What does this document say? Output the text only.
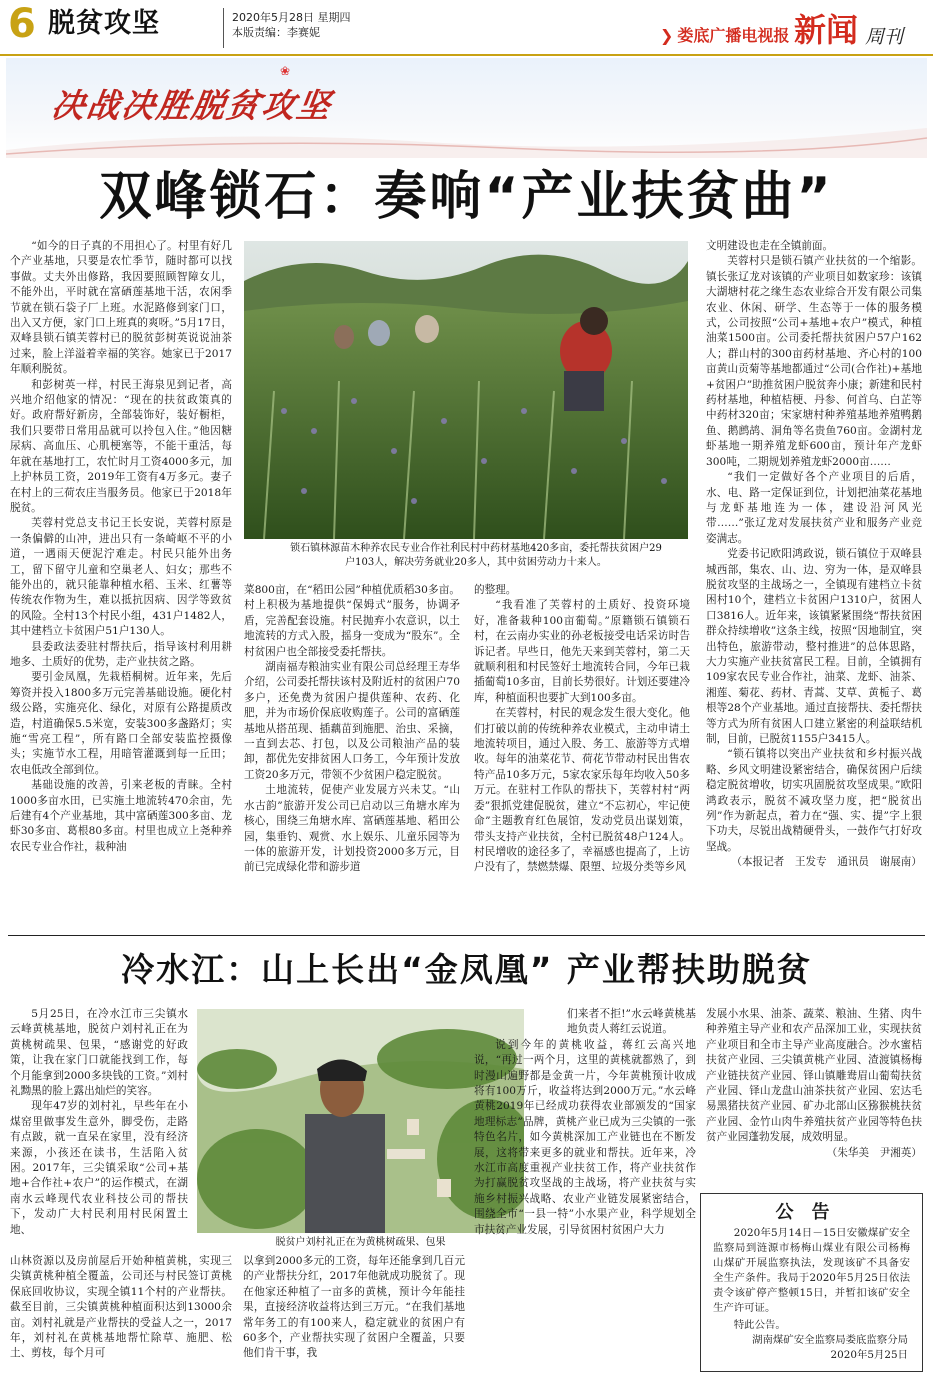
6 脱贫攻坚	2020年5月28日 星期四
本版责编：李赛妮	❯ 娄底广播电视报 新闻 周刊
❀
决战决胜脱贫攻坚
双峰锁石：奏响“产业扶贫曲”

“如今的日子真的不用担心了。村里有好几个产业基地，只要是农忙季节，随时都可以找事做。丈夫外出修路，我因要照顾智障女儿，不能外出，平时就在富硒莲基地干活，农闲季节就在锁石袋子厂上班。水泥路修到家门口，出入又方便，家门口上班真的爽呀。”5月17日，双峰县锁石镇芙蓉村已的脱贫彭树英说说油茶过来，脸上洋溢着幸福的笑容。她家已于2017年顺利脱贫。

和彭树英一样，村民王海泉见到记者，高兴地介绍他家的情况：“现在的扶贫政策真的好。政府帮好新房，全部装饰好，装好橱柜，我们只要带日常用品就可以拎包入住。”他因糖尿病、高血压、心肌梗塞等，不能干重活，每年就在基地打工，农忙时月工资4000多元，加上护林员工资，2019年工资有4万多元。妻子在村上的三荷农庄当服务员。他家已于2018年脱贫。

芙蓉村党总支书记王长安说，芙蓉村原是一条偏僻的山冲，进出只有一条崎岖不平的小道，一遇雨天便泥泞难走。村民只能外出务工，留下留守儿童和空巢老人、妇女；那些不能外出的，就只能靠种植水稻、玉米、红薯等传统农作物为生，难以抵抗因病、因学等致贫的风险。全村13个村民小组，431户1482人，其中建档立卡贫困户51户130人。

县委政法委驻村帮扶后，指导该村利用耕地多、土质好的优势，走产业扶贫之路。

要引金凤凰，先栽梧桐树。近年来，先后筹资并投入1800多万元完善基础设施。硬化村级公路，实施亮化、绿化，对原有公路提质改造，村道确保5.5米宽，安装300多盏路灯；实施“雪亮工程”，所有路口全部安装监控摄像头；实施节水工程，用暗管灌溉到每一丘田；农电低改全部到位。

基础设施的改善，引来老板的青睐。全村1000多亩水田，已实施土地流转470余亩，先后建有4个产业基地，其中富硒莲300多亩、龙虾30多亩、葛根80多亩。村里也成立上尧种养农民专业合作社，栽种油

锁石镇林源苗木种养农民专业合作社利民村中药材基地420多亩，委托帮扶贫困户29户103人，解决劳务就业20多人，其中贫困劳动力十来人。

菜800亩，在“稻田公园”种植优质稻30多亩。村上积极为基地提供“保姆式”服务，协调矛盾，完善配套设施。村民抛弃小农意识，以土地流转的方式入股，摇身一变成为“股东”。全村贫困户也全部接受委托帮扶。

湖南福寿粮油实业有限公司总经理王寿华介绍，公司委托帮扶该村及附近村的贫困户70多户，还免费为贫困户提供莲种、农药、化肥，并为市场价保底收购莲子。公司的富硒莲基地从搭茁现、插藕苗到施肥、治虫、采摘，一直到去芯、打包，以及公司粮油产品的装卸，都优先安排贫困人口务工，今年预计发放工资20多万元，带领不少贫困户稳定脱贫。

土地流转，促使产业发展方兴未艾。“山水古韵”旅游开发公司已启动以三角塘水库为核心，围绕三角塘水库、富硒莲基地、稻田公园，集垂钓、观赏、水上娱乐、儿童乐园等为一体的旅游开发，计划投资2000多万元，目前已完成绿化带和游步道

的整理。

“我看准了芙蓉村的土质好、投资环境好，准备栽种100亩葡萄。”原籍锁石镇锁石村，在云南办实业的孙老板接受电话采访时告诉记者。早些日，他先天来到芙蓉村，第二天就顺利租和村民签好土地流转合同，今年已栽插葡萄10多亩，目前长势很好。计划还要建冷库，种植面积也要扩大到100多亩。

在芙蓉村，村民的观念发生很大变化。他们打破以前的传统种养农业模式，主动申请土地流转项目，通过入股、务工、旅游等方式增收。每年的油菜花节、荷花节带动村民出售农特产品10多万元，5家农家乐每年均收入50多万元。在驻村工作队的帮扶下，芙蓉村村“两委”狠抓党建促脱贫，建立“不忘初心，牢记使命”主题教育红色展馆，发动党员出谋划策，带头支持产业扶贫，全村已脱贫48户124人。村民增收的途径多了，幸福感也提高了，上访户没有了，禁燃禁爆、限塑、垃圾分类等乡风

文明建设也走在全镇前面。

芙蓉村只是锁石镇产业扶贫的一个缩影。镇长张辽龙对该镇的产业项目如数家珍：该镇大湖塘村花之缘生态农业综合开发有限公司集农业、休闲、研学、生态等于一体的服务模式，公司按照“公司+基地+农户”模式，种植油菜1500亩。公司委托帮扶贫困户57户162人；群山村的300亩药材基地、齐心村的100亩黄山贡菊等基地都通过“公司(合作社)+基地+贫困户”助推贫困户脱贫奔小康；新建和民村药材基地，种植桔梗、丹参、何首乌、白芷等中药材320亩；宋家塘村种养殖基地养殖鸭鹅鱼、鹅鹧鸪、洞角等名贵鱼760亩。金湖村龙虾基地一期养殖龙虾600亩，预计年产龙虾300吨，二期规划养殖龙虾2000亩……

“我们一定做好各个产业项目的后盾，水、电、路一定保证到位，计划把油菜花基地与龙虾基地连为一体，建设沿河风光带……”张辽龙对发展扶贫产业和服务产业竞姿满志。

党委书记欧阳鸿政说，锁石镇位于双峰县城西部，集农、山、边、穷为一体，是双峰县脱贫攻坚的主战场之一，全镇现有建档立卡贫困村10个，建档立卡贫困户1310户，贫困人口3816人。近年来，该镇紧紧围绕“帮扶贫困群众持续增收”这条主线，按照“因地制宜，突出特色，旅游带动，整村推进”的总体思路，大力实施产业扶贫富民工程。目前，全镇拥有109家农民专业合作社，油菜、龙虾、油茶、湘莲、菊花、药材、青蒿、艾草、黄栀子、葛根等28个产业基地。通过直接帮扶、委托帮扶等方式为所有贫困人口建立紧密的利益联结机制，目前，已脱贫1155户3415人。

“锁石镇将以突出产业扶贫和乡村振兴战略、乡风文明建设紧密结合，确保贫困户后续稳定脱贫增收，切实巩固脱贫攻坚成果。”欧阳鸿政表示，脱贫不减攻坚力度，把“脱贫出列”作为新起点，着力在“强、实、提”字上狠下功夫，尽锐出战精硬骨头，一鼓作气打好攻坚战。

（本报记者　王发专　通讯员　谢展南）

冷水江：山上长出“金凤凰” 产业帮扶助脱贫

5月25日，在冷水江市三尖镇水云峰黄桃基地，脱贫户刘村礼正在为黄桃树疏果、包果，“感谢党的好政策，让我在家门口就能找到工作，每个月能拿到2000多块钱的工资。”刘村礼黝黑的脸上露出灿烂的笑容。

现年47岁的刘村礼，早些年在小煤窑里做事发生意外，脚受伤，走路有点跛，就一直呆在家里，没有经济来源，小孩还在读书，生活陷入贫困。2017年，三尖镇采取“公司+基地+合作社+农户”的运作模式，在湖南水云峰现代农业科技公司的帮扶下，发动广大村民利用村民闲置土地、

脱贫户刘村礼正在为黄桃树疏果、包果

山林资源以及房前屋后开始种植黄桃，实现三尖镇黄桃种植全覆盖，公司还与村民签订黄桃保底回收协议，实现全镇11个村的产业帮扶。截至目前，三尖镇黄桃种植面积达到13000余亩。刘村礼就是产业帮扶的受益人之一，2017年，刘村礼在黄桃基地帮忙除草、施肥、松土、剪枝，每个月可

以拿到2000多元的工资，每年还能拿到几百元的产业帮扶分红，2017年他就成功脱贫了。现在他家还种植了一亩多的黄桃，预计今年能挂果，直接经济收益将达到三万元。“在我们基地常年务工的有100来人，稳定就业的贫困户有60多个，产业帮扶实现了贫困户全覆盖，只要他们肯干事，我

们来者不拒!”水云峰黄桃基地负责人蒋红云说道。

说到今年的黄桃收益，蒋红云高兴地说，“再过一两个月，这里的黄桃就都熟了，到时漫山遍野都是金黄一片，今年黄桃预计收成将有100万斤，收益将达到2000万元。”水云峰黄桃2019年已经成功获得农业部颁发的“国家地理标志”品牌，黄桃产业已成为三尖镇的一张特色名片，如今黄桃深加工产业链也在不断发展，这将带来更多的就业和帮扶。近年来，冷水江市高度重视产业扶贫工作，将产业扶贫作为打赢脱贫攻坚战的主战场，将产业扶贫与实施乡村振兴战略、农业产业链发展紧密结合，围绕全市“一县一特”小水果产业，科学规划全市扶贫产业发展，引导贫困村贫困户大力

发展小水果、油茶、蔬菜、粮油、生猪、肉牛种养殖主导产业和农产品深加工业，实现扶贫产业项目和全市主导产业高度融合。沙水蜜桔扶贫产业园、三尖镇黄桃产业园、渣渡镇杨梅产业链扶贫产业园、铎山镇雕鸯眉山葡萄扶贫产业园、铎山龙盘山油茶扶贫产业园、宏达毛易黑猪扶贫产业园、矿办北部山区猕猴桃扶贫产业园、金竹山肉牛养殖扶贫产业园等特色扶贫产业园蓬勃发展，成效明显。

（朱华美　尹湘英）

公告
2020年5月14日－15日安徽煤矿安全监察局到涟源市杨梅山煤业有限公司杨梅山煤矿开展监察执法，发现该矿不具备安全生产条件。我局于2020年5月25日依法责令该矿停产整顿15日，并暂扣该矿安全生产许可证。
特此公告。
湖南煤矿安全监察局娄底监察分局
2020年5月25日
